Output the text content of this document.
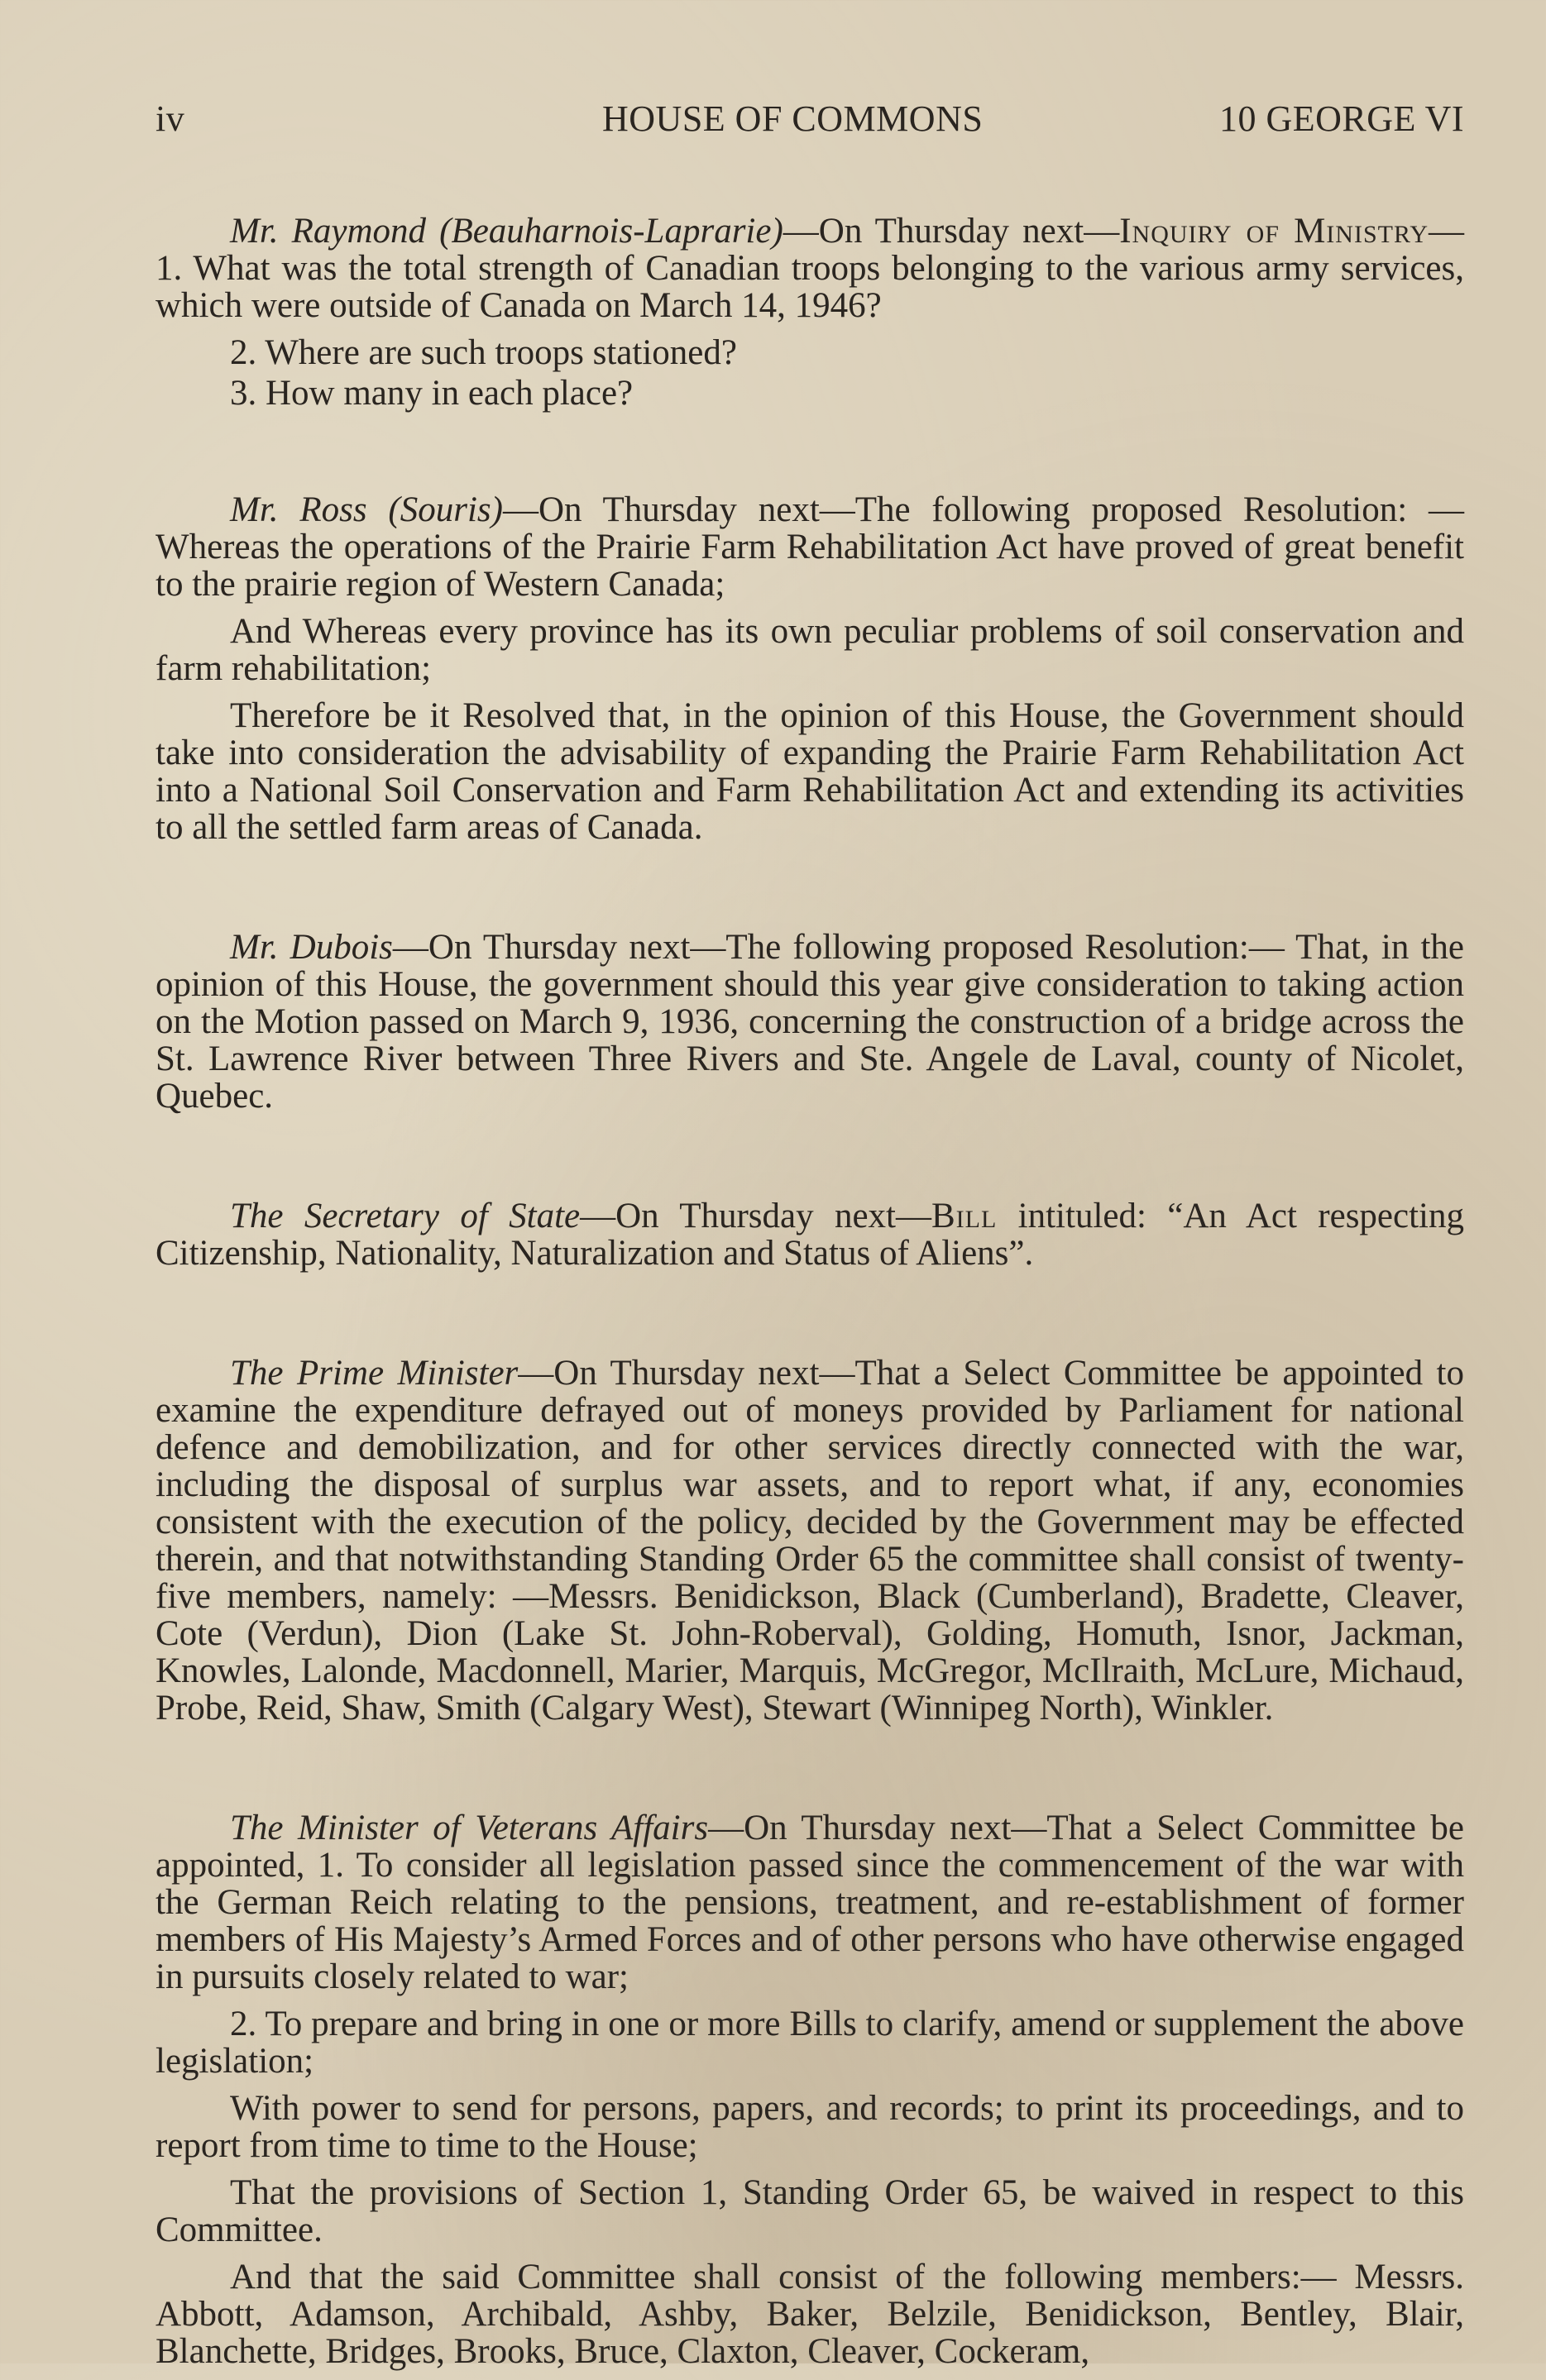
iv	HOUSE OF COMMONS	10 GEORGE VI

Mr. Raymond (Beauharnois-Laprarie)—On Thursday next—Inquiry of Ministry—1. What was the total strength of Canadian troops belonging to the various army services, which were outside of Canada on March 14, 1946?

2. Where are such troops stationed?

3. How many in each place?

Mr. Ross (Souris)—On Thursday next—The following proposed Resolution: —Whereas the operations of the Prairie Farm Rehabilitation Act have proved of great benefit to the prairie region of Western Canada;

And Whereas every province has its own peculiar problems of soil conservation and farm rehabilitation;

Therefore be it Resolved that, in the opinion of this House, the Government should take into consideration the advisability of expanding the Prairie Farm Rehabilitation Act into a National Soil Conservation and Farm Rehabilitation Act and extending its activities to all the settled farm areas of Canada.

Mr. Dubois—On Thursday next—The following proposed Resolution:— That, in the opinion of this House, the government should this year give consideration to taking action on the Motion passed on March 9, 1936, concerning the construction of a bridge across the St. Lawrence River between Three Rivers and Ste. Angele de Laval, county of Nicolet, Quebec.

The Secretary of State—On Thursday next—Bill intituled: “An Act respecting Citizenship, Nationality, Naturalization and Status of Aliens”.

The Prime Minister—On Thursday next—That a Select Committee be appointed to examine the expenditure defrayed out of moneys provided by Parliament for national defence and demobilization, and for other services directly connected with the war, including the disposal of surplus war assets, and to report what, if any, economies consistent with the execution of the policy, decided by the Government may be effected therein, and that notwithstanding Standing Order 65 the committee shall consist of twenty-five members, namely: —Messrs. Benidickson, Black (Cumberland), Bradette, Cleaver, Cote (Verdun), Dion (Lake St. John-Roberval), Golding, Homuth, Isnor, Jackman, Knowles, Lalonde, Macdonnell, Marier, Marquis, McGregor, McIlraith, McLure, Michaud, Probe, Reid, Shaw, Smith (Calgary West), Stewart (Winnipeg North), Winkler.

The Minister of Veterans Affairs—On Thursday next—That a Select Committee be appointed, 1. To consider all legislation passed since the commencement of the war with the German Reich relating to the pensions, treatment, and re-establishment of former members of His Majesty’s Armed Forces and of other persons who have otherwise engaged in pursuits closely related to war;

2. To prepare and bring in one or more Bills to clarify, amend or supplement the above legislation;

With power to send for persons, papers, and records; to print its proceedings, and to report from time to time to the House;

That the provisions of Section 1, Standing Order 65, be waived in respect to this Committee.

And that the said Committee shall consist of the following members:— Messrs. Abbott, Adamson, Archibald, Ashby, Baker, Belzile, Benidickson, Bentley, Blair, Blanchette, Bridges, Brooks, Bruce, Claxton, Cleaver, Cockeram,
